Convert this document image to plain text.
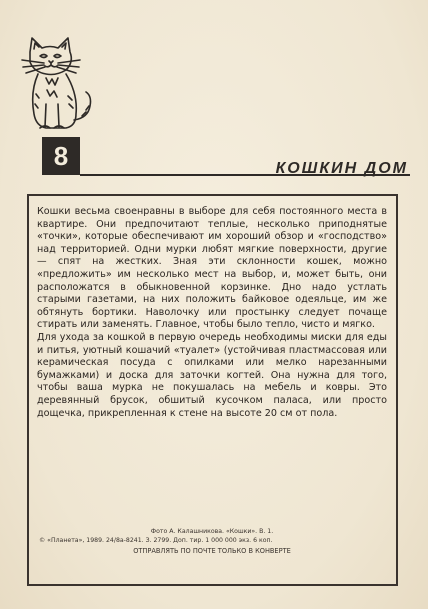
8	КОШКИН ДОМ

Кошки весьма своенравны в выборе для себя постоянного места в квартире. Они предпочитают теплые, несколько приподнятые «точки», которые обеспечивают им хороший обзор и «господство» над территорией. Одни мурки любят мягкие поверхности, другие — спят на жестких. Зная эти склонности кошек, можно «предложить» им несколько мест на выбор, и, может быть, они расположатся в обыкновенной корзинке. Дно надо устлать старыми газетами, на них положить байковое одеяльце, им же обтянуть бортики. Наволочку или простынку следует почаще стирать или заменять. Главное, чтобы было тепло, чисто и мягко.

Для ухода за кошкой в первую очередь необходимы миски для еды и питья, уютный кошачий «туалет» (устойчивая пластмассовая или керамическая посуда с опилками или мелко нарезанными бумажками) и доска для заточки когтей. Она нужна для того, чтобы ваша мурка не покушалась на мебель и ковры. Это деревянный брусок, обшитый кусочком паласа, или просто дощечка, прикрепленная к стене на высоте 20 см от пола.

Фото А. Калашникова. «Кошки». В. 1.
© «Планета», 1989. 24/8а-8241. З. 2799. Доп. тир. 1 000 000 экз. 6 коп.
ОТПРАВЛЯТЬ ПО ПОЧТЕ ТОЛЬКО В КОНВЕРТЕ
